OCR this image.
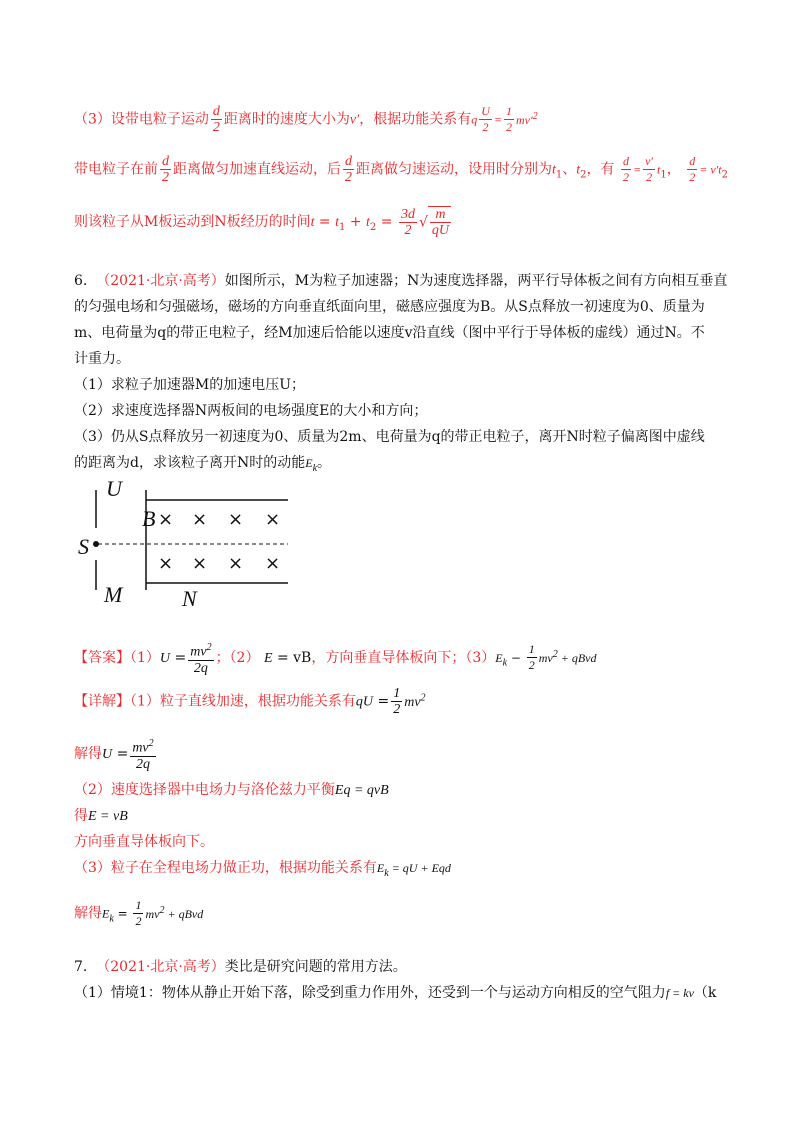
（3）设带电粒子运动 $\frac{d}{2}$ 距离时的速度大小为v′，根据功能关系有q $\frac{U}{2} = \frac{1}{2} mv'^2$
带电粒子在前 $\frac{d}{2}$ 距离做匀加速直线运动，后 $\frac{d}{2}$ 距离做匀速运动，设用时分别为$t_1$、$t_2$，有 $\frac{d}{2} = \frac{v'}{2} t_1$， $\frac{d}{2} = v't_2$
则该粒子从M板运动到N板经历的时间$t = t_1 + t_2 = \frac{3d}{2}$ √ $\frac{m}{qU}$
6. （2021·北京·高考）如图所示，M为粒子加速器；N为速度选择器，两平行导体板之间有方向相互垂直
的匀强电场和匀强磁场，磁场的方向垂直纸面向里，磁感应强度为B。从S点释放一初速度为0、质量为
m、电荷量为q的带正电粒子，经M加速后恰能以速度v沿直线（图中平行于导体板的虚线）通过N。不
计重力。
（1）求粒子加速器M的加速电压U；
（2）求速度选择器N两板间的电场强度E的大小和方向；
（3）仍从S点释放另一初速度为0、质量为2m、电荷量为q的带正电粒子，离开N时粒子偏离图中虚线
的距离为d，求该粒子离开N时的动能$E_k$。
U
B
S
M	N
× × × ×
× × × ×
【答案】$(1)U = \frac{mv^2}{2q}$ ；（2） E = vB，方向垂直导体板向下；$(3)E_k - \frac{1}{2} mv^2$ + qBvd
【详解】（1）粒子直线加速，根据功能关系有qU = $\frac{1}{2} mv^2$
解得$U = \frac{mv^2}{2q}$
（2）速度选择器中电场力与洛伦兹力平衡Eq = qvB
得E = vB
方向垂直导体板向下。
（3）粒子在全程电场力做正功，根据功能关系有$E_k$ = qU + Eqd
解得$E_k = \frac{1}{2} mv^2$ + qBvd
7. （2021·北京·高考）类比是研究问题的常用方法。
（1）情境1：物体从静止开始下落，除受到重力作用外，还受到一个与运动方向相反的空气阻力f = kv（k
